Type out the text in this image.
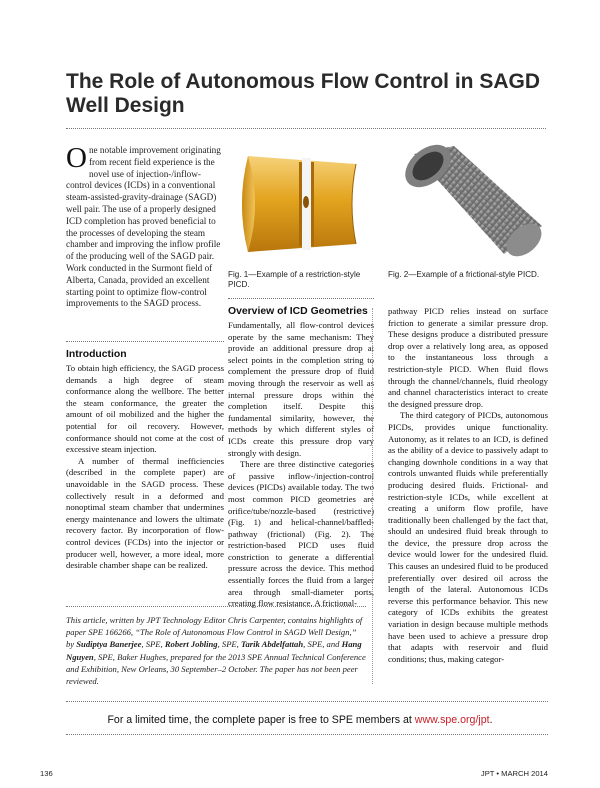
The Role of Autonomous Flow Control in SAGD Well Design
One notable improvement originating from recent field experience is the novel use of injection-/inflow-control devices (ICDs) in a conventional steam-assisted-gravity-drainage (SAGD) well pair. The use of a properly designed ICD completion has proved beneficial to the processes of developing the steam chamber and improving the inflow profile of the producing well of the SAGD pair. Work conducted in the Surmont field of Alberta, Canada, provided an excellent starting point to optimize flow-control improvements to the SAGD process.
Fig. 1—Example of a restriction-style PICD.
Fig. 2—Example of a frictional-style PICD.
Introduction

To obtain high efficiency, the SAGD process demands a high degree of steam conformance along the wellbore. The better the steam conformance, the greater the amount of oil mobilized and the higher the potential for oil recovery. However, conformance should not come at the cost of excessive steam injection.

A number of thermal inefficiencies (described in the complete paper) are unavoidable in the SAGD process. These collectively result in a deformed and nonoptimal steam chamber that undermines energy maintenance and lowers the ultimate recovery factor. By incorporation of flow-control devices (FCDs) into the injector or producer well, however, a more ideal, more desirable chamber shape can be realized.

Overview of ICD Geometries

Fundamentally, all flow-control devices operate by the same mechanism: They provide an additional pressure drop at select points in the completion string to complement the pressure drop of fluid moving through the reservoir as well as internal pressure drops within the completion itself. Despite this fundamental similarity, however, the methods by which different styles of ICDs create this pressure drop vary strongly with design.

There are three distinctive categories of passive inflow-/injection-control devices (PICDs) available today. The two most common PICD geometries are orifice/tube/nozzle-based (restrictive) (Fig. 1) and helical-channel/baffled-pathway (frictional) (Fig. 2). The restriction-based PICD uses fluid constriction to generate a differential pressure across the device. This method essentially forces the fluid from a larger area through small-diameter ports, creating flow resistance. A frictional-

pathway PICD relies instead on surface friction to generate a similar pressure drop. These designs produce a distributed pressure drop over a relatively long area, as opposed to the instantaneous loss through a restriction-style PICD. When fluid flows through the channel/channels, fluid rheology and channel characteristics interact to create the designed pressure drop.

The third category of PICDs, autonomous PICDs, provides unique functionality. Autonomy, as it relates to an ICD, is defined as the ability of a device to passively adapt to changing downhole conditions in a way that controls unwanted fluids while preferentially producing desired fluids. Frictional- and restriction-style ICDs, while excellent at creating a uniform flow profile, have traditionally been challenged by the fact that, should an undesired fluid break through to the device, the pressure drop across the device would lower for the undesired fluid. This causes an undesired fluid to be produced preferentially over desired oil across the length of the lateral. Autonomous ICDs reverse this performance behavior. This new category of ICDs exhibits the greatest variation in design because multiple methods have been used to achieve a pressure drop that adapts with reservoir and fluid conditions; thus, making categor-

This article, written by JPT Technology Editor Chris Carpenter, contains highlights of paper SPE 166266, “The Role of Autonomous Flow Control in SAGD Well Design,” by Sudiptya Banerjee, SPE, Robert Jobling, SPE, Tarik Abdelfattah, SPE, and Hang Nguyen, SPE, Baker Hughes, prepared for the 2013 SPE Annual Technical Conference and Exhibition, New Orleans, 30 September–2 October. The paper has not been peer reviewed.
For a limited time, the complete paper is free to SPE members at www.spe.org/jpt.
136	JPT • MARCH 2014
